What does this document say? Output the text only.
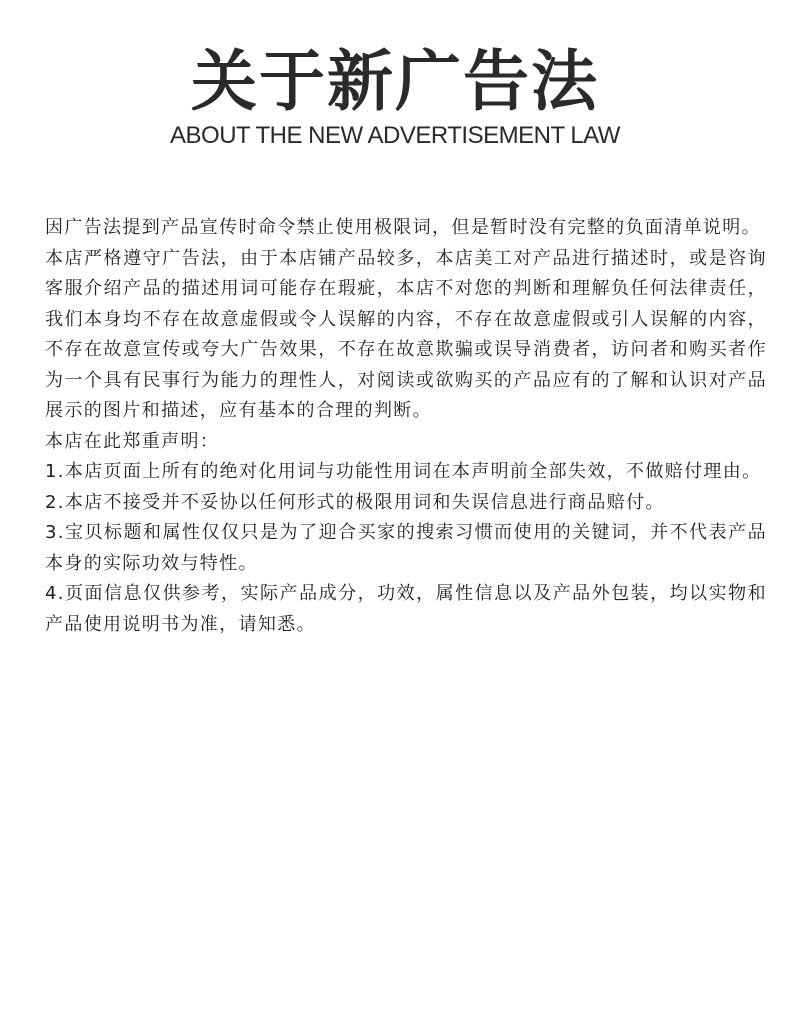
关于新广告法
ABOUT THE NEW ADVERTISEMENT LAW

因广告法提到产品宣传时命令禁止使用极限词，但是暂时没有完整的负面清单说明。

本店严格遵守广告法，由于本店铺产品较多，本店美工对产品进行描述时，或是咨询客服介绍产品的描述用词可能存在瑕疵，本店不对您的判断和理解负任何法律责任，我们本身均不存在故意虚假或令人误解的内容，不存在故意虚假或引人误解的内容，不存在故意宣传或夸大广告效果，不存在故意欺骗或误导消费者，访问者和购买者作为一个具有民事行为能力的理性人，对阅读或欲购买的产品应有的了解和认识对产品展示的图片和描述，应有基本的合理的判断。

本店在此郑重声明：

1.本店页面上所有的绝对化用词与功能性用词在本声明前全部失效，不做赔付理由。

2.本店不接受并不妥协以任何形式的极限用词和失误信息进行商品赔付。

3.宝贝标题和属性仅仅只是为了迎合买家的搜索习惯而使用的关键词，并不代表产品本身的实际功效与特性。

4.页面信息仅供参考，实际产品成分，功效，属性信息以及产品外包装，均以实物和产品使用说明书为准，请知悉。
